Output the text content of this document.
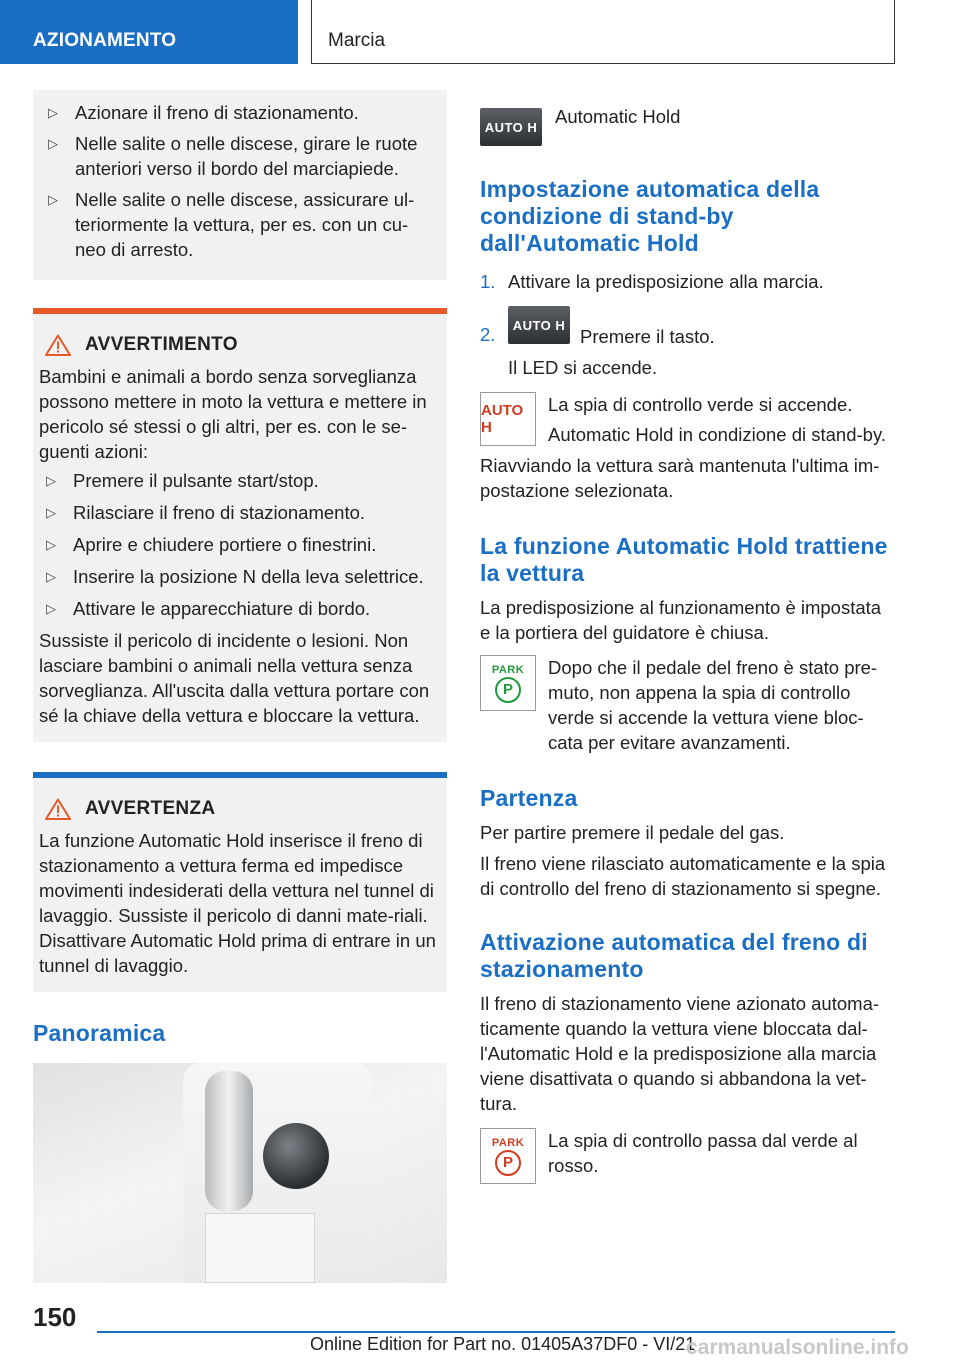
AZIONAMENTO	Marcia
▷ Azionare il freno di stazionamento.
▷ Nelle salite o nelle discese, girare le ruote anteriori verso il bordo del marciapiede.
▷ Nelle salite o nelle discese, assicurare ul-teriormente la vettura, per es. con un cu-neo di arresto.
AVVERTIMENTO

Bambini e animali a bordo senza sorveglianza possono mettere in moto la vettura e mettere in pericolo sé stessi o gli altri, per es. con le se-guenti azioni:

▷ Premere il pulsante start/stop.
▷ Rilasciare il freno di stazionamento.
▷ Aprire e chiudere portiere o finestrini.
▷ Inserire la posizione N della leva selettrice.
▷ Attivare le apparecchiature di bordo.

Sussiste il pericolo di incidente o lesioni. Non lasciare bambini o animali nella vettura senza sorveglianza. All'uscita dalla vettura portare con sé la chiave della vettura e bloccare la vettura.

AVVERTENZA

La funzione Automatic Hold inserisce il freno di stazionamento a vettura ferma ed impedisce movimenti indesiderati della vettura nel tunnel di lavaggio. Sussiste il pericolo di danni mate-riali. Disattivare Automatic Hold prima di entrare in un tunnel di lavaggio.

Panoramica
AUTO H Automatic Hold
Impostazione automatica della condizione di stand-by dall'Automatic Hold
1. Attivare la predisposizione alla marcia.
2.	AUTO H
Premere il tasto.

Il LED si accende.

AUTO H

La spia di controllo verde si accende.

Automatic Hold in condizione di stand-by.

Riavviando la vettura sarà mantenuta l'ultima im-postazione selezionata.

La funzione Automatic Hold trattiene la vettura

La predisposizione al funzionamento è impostata e la portiera del guidatore è chiusa.

PARK
P

Dopo che il pedale del freno è stato pre-muto, non appena la spia di controllo verde si accende la vettura viene bloc-cata per evitare avanzamenti.

Partenza

Per partire premere il pedale del gas.

Il freno viene rilasciato automaticamente e la spia di controllo del freno di stazionamento si spegne.

Attivazione automatica del freno di stazionamento

Il freno di stazionamento viene azionato automa-ticamente quando la vettura viene bloccata dal-l'Automatic Hold e la predisposizione alla marcia viene disattivata o quando si abbandona la vet-tura.

PARK
P

La spia di controllo passa dal verde al rosso.

150
Online Edition for Part no. 01405A37DF0 - VI/21
carmanualsonline.info
